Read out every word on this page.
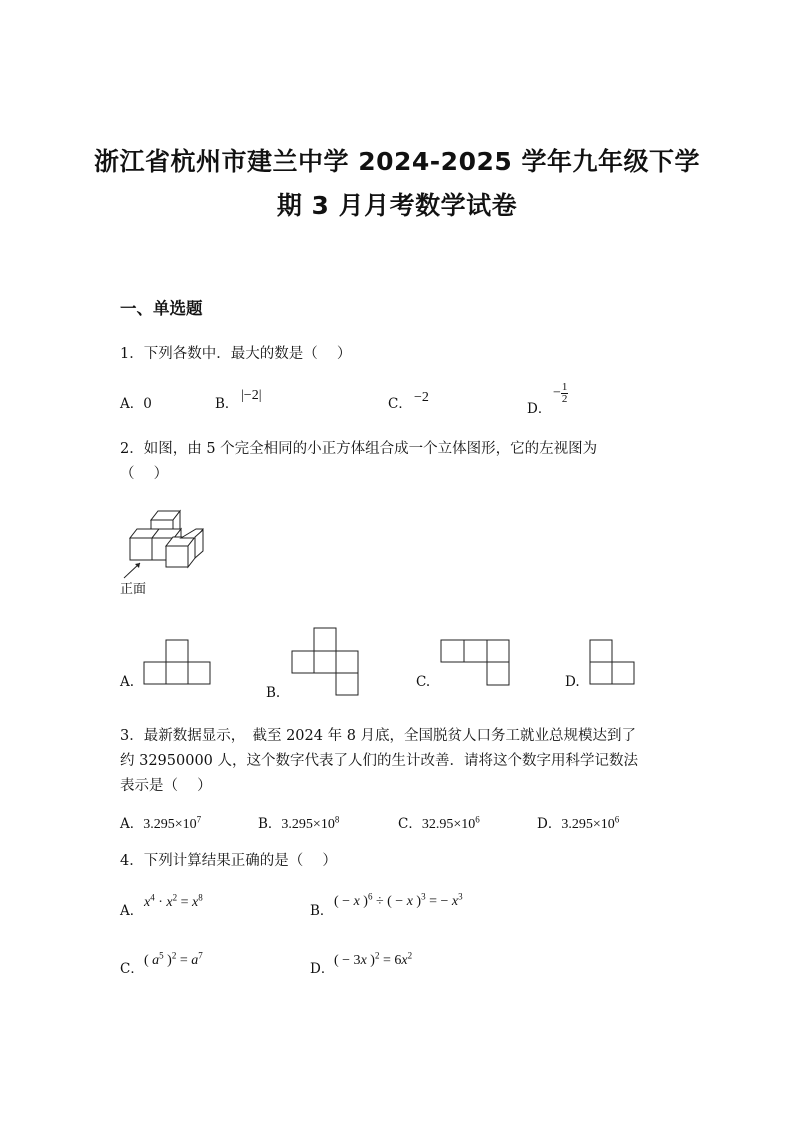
浙江省杭州市建兰中学 2024-2025 学年九年级下学
期 3 月月考数学试卷
一、单选题
1．下列各数中．最大的数是（　 ）
A．0	B．
|−2|
C． −2
D．
− $\frac{1}{2}$
2．如图，由 5 个完全相同的小正方体组合成一个立体图形，它的左视图为
（　 ）
正面
A.
B.
C.	D.
3．最新数据显示，　截至 2024 年 8 月底，全国脱贫人口务工就业总规模达到了
约 32950000 人，这个数字代表了人们的生计改善．请将这个数字用科学记数法
表示是（　 ）
A．$3.295\times 10^7$	B．$3.295\times 10^8$	C．$32.95\times 10^6$	D．$3.295\times 10^6$
4．下列计算结果正确的是（　 ）
A．
$x^4 \cdot x^2 = x^8$
B．
( − x )$^6$ ÷ ( − x )$^3$ = − $x^3$
C．
( $a^5$ )$^2 = a^7$
D．
( − 3x )$^2 = 6x^2$
